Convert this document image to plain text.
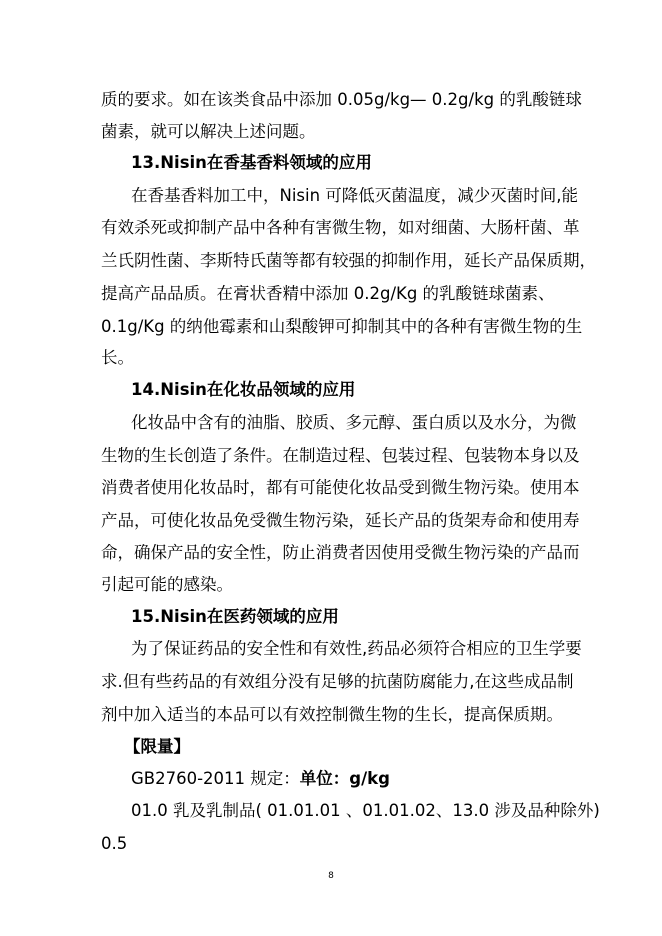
质的要求。如在该类食品中添加 0.05g/kg— 0.2g/kg 的乳酸链球
菌素，就可以解决上述问题。
13.Nisin在香基香料领域的应用
在香基香料加工中，Nisin 可降低灭菌温度，减少灭菌时间,能
有效杀死或抑制产品中各种有害微生物，如对细菌、大肠杆菌、革
兰氏阴性菌、李斯特氏菌等都有较强的抑制作用，延长产品保质期，
提高产品品质。在膏状香精中添加 0.2g/Kg 的乳酸链球菌素、
0.1g/Kg 的纳他霉素和山梨酸钾可抑制其中的各种有害微生物的生
长。
14.Nisin在化妆品领域的应用
化妆品中含有的油脂、胶质、多元醇、蛋白质以及水分，为微
生物的生长创造了条件。在制造过程、包装过程、包装物本身以及
消费者使用化妆品时，都有可能使化妆品受到微生物污染。使用本
产品，可使化妆品免受微生物污染，延长产品的货架寿命和使用寿
命，确保产品的安全性，防止消费者因使用受微生物污染的产品而
引起可能的感染。
15.Nisin在医药领域的应用
为了保证药品的安全性和有效性,药品必须符合相应的卫生学要
求.但有些药品的有效组分没有足够的抗菌防腐能力,在这些成品制
剂中加入适当的本品可以有效控制微生物的生长，提高保质期。
【限量】
GB2760-2011 规定：单位：g/kg
01.0 乳及乳制品( 01.01.01 、01.01.02、13.0 涉及品种除外)
0.5
8
